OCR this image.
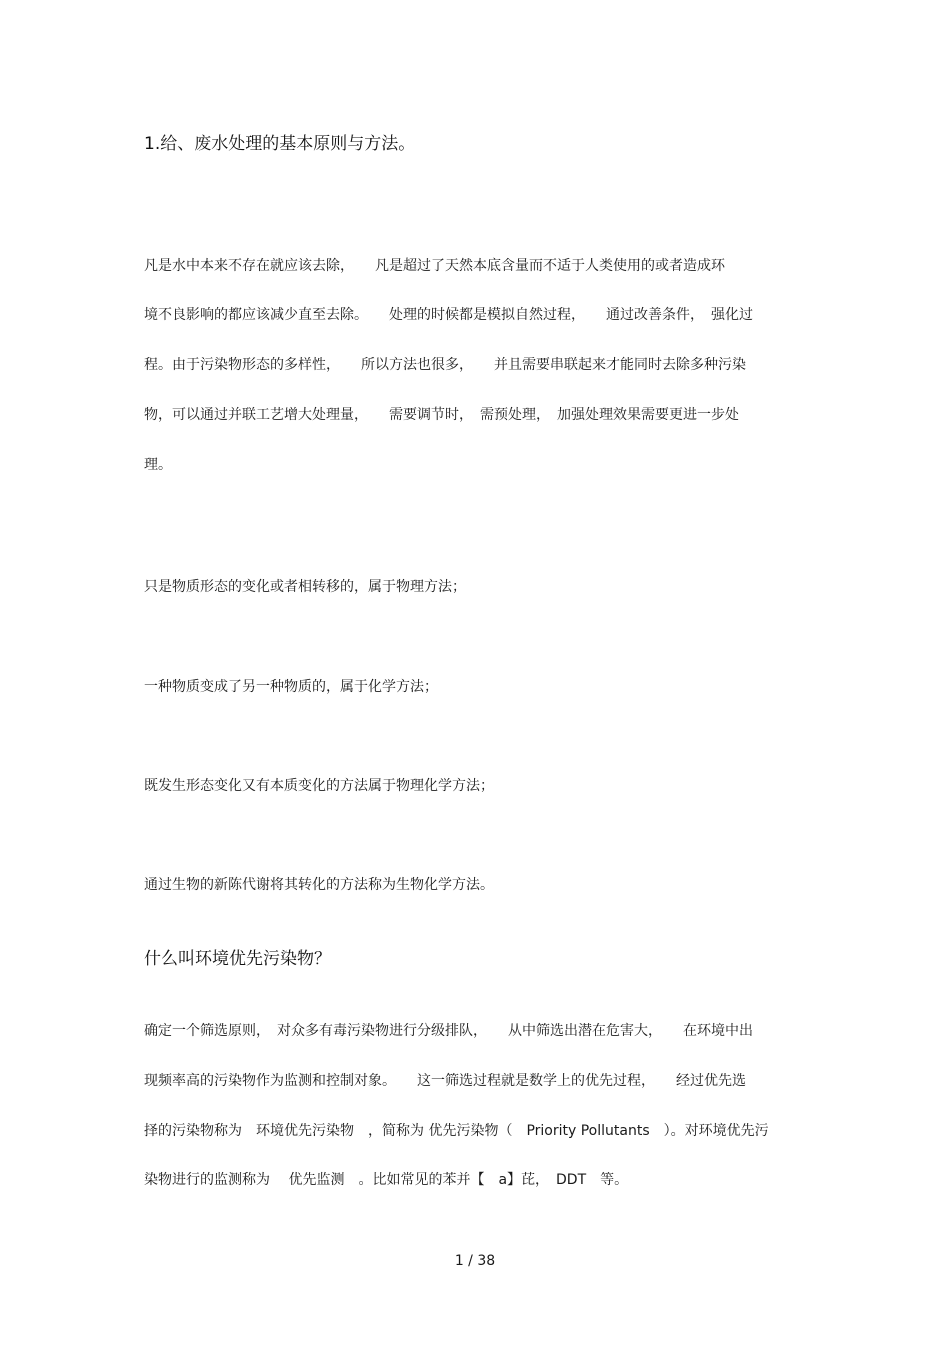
1.给、废水处理的基本原则与方法。
凡是水中本来不存在就应该去除，　　凡是超过了天然本底含量而不适于人类使用的或者造成环
境不良影响的都应该减少直至去除。　　处理的时候都是模拟自然过程，　　通过改善条件，　强化过
程。由于污染物形态的多样性，　　所以方法也很多，　　并且需要串联起来才能同时去除多种污染
物，可以通过并联工艺增大处理量，　　需要调节时，　需预处理，　加强处理效果需要更进一步处
理。
只是物质形态的变化或者相转移的，属于物理方法；
一种物质变成了另一种物质的，属于化学方法；
既发生形态变化又有本质变化的方法属于物理化学方法；
通过生物的新陈代谢将其转化的方法称为生物化学方法。
什么叫环境优先污染物？
确定一个筛选原则，　对众多有毒污染物进行分级排队，　　从中筛选出潜在危害大，　　在环境中出
现频率高的污染物作为监测和控制对象。　　这一筛选过程就是数学上的优先过程，　　经过优先选
择的污染物称为　环境优先污染物　，简称为 优先污染物（　Priority Pollutants　）。对环境优先污
染物进行的监测称为　 优先监测　。比如常见的苯并【　a】芘，　DDT　等。
1 / 38
